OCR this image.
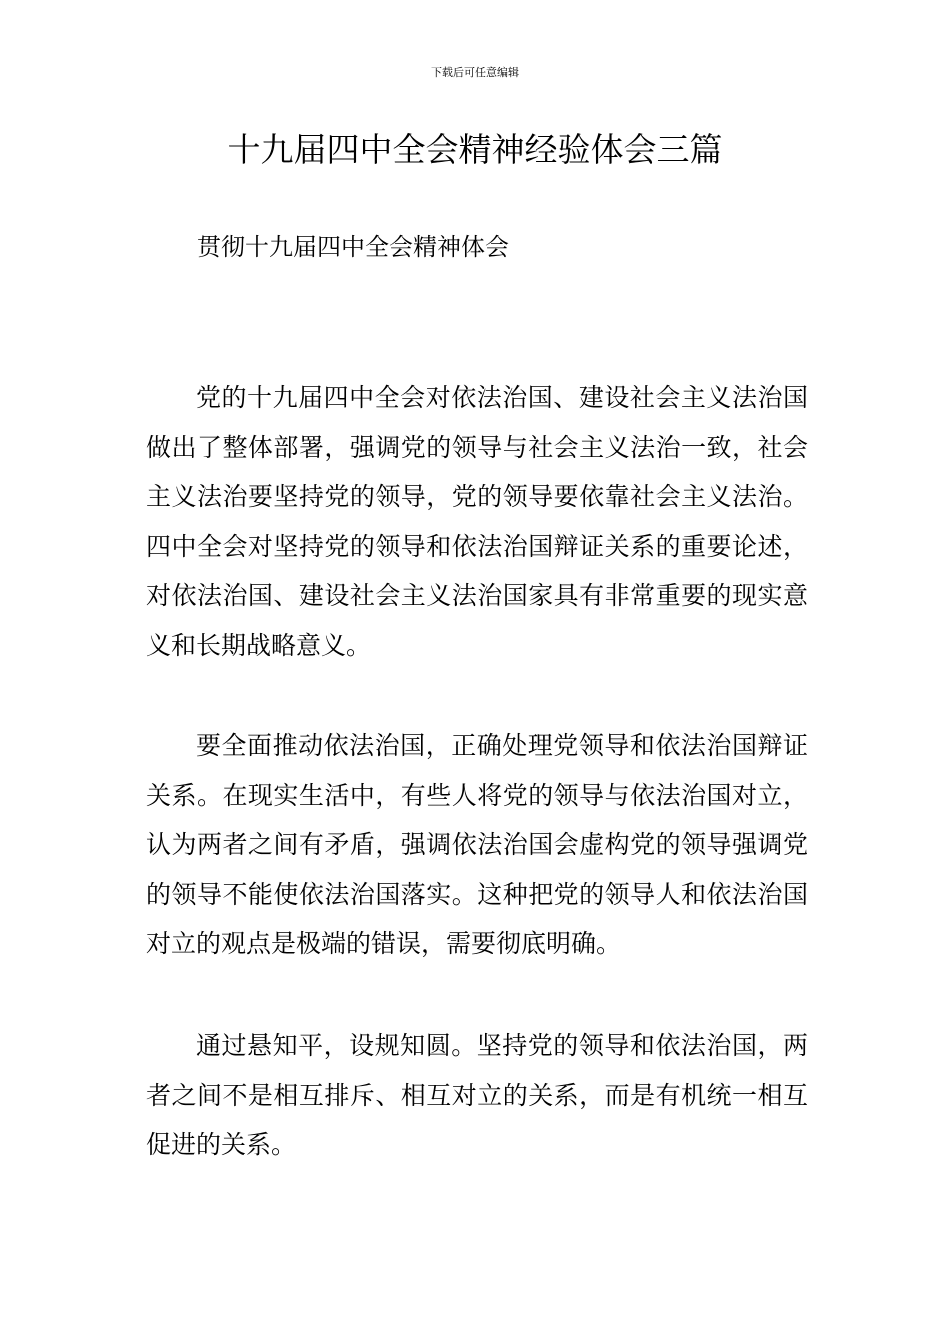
下载后可任意编辑
十九届四中全会精神经验体会三篇
贯彻十九届四中全会精神体会

党的十九届四中全会对依法治国、建设社会主义法治国做出了整体部署，强调党的领导与社会主义法治一致，社会主义法治要坚持党的领导，党的领导要依靠社会主义法治。四中全会对坚持党的领导和依法治国辩证关系的重要论述，对依法治国、建设社会主义法治国家具有非常重要的现实意义和长期战略意义。

要全面推动依法治国，正确处理党领导和依法治国辩证关系。在现实生活中，有些人将党的领导与依法治国对立，认为两者之间有矛盾，强调依法治国会虚构党的领导强调党的领导不能使依法治国落实。这种把党的领导人和依法治国对立的观点是极端的错误，需要彻底明确。

通过悬知平，设规知圆。坚持党的领导和依法治国，两者之间不是相互排斥、相互对立的关系，而是有机统一相互促进的关系。
